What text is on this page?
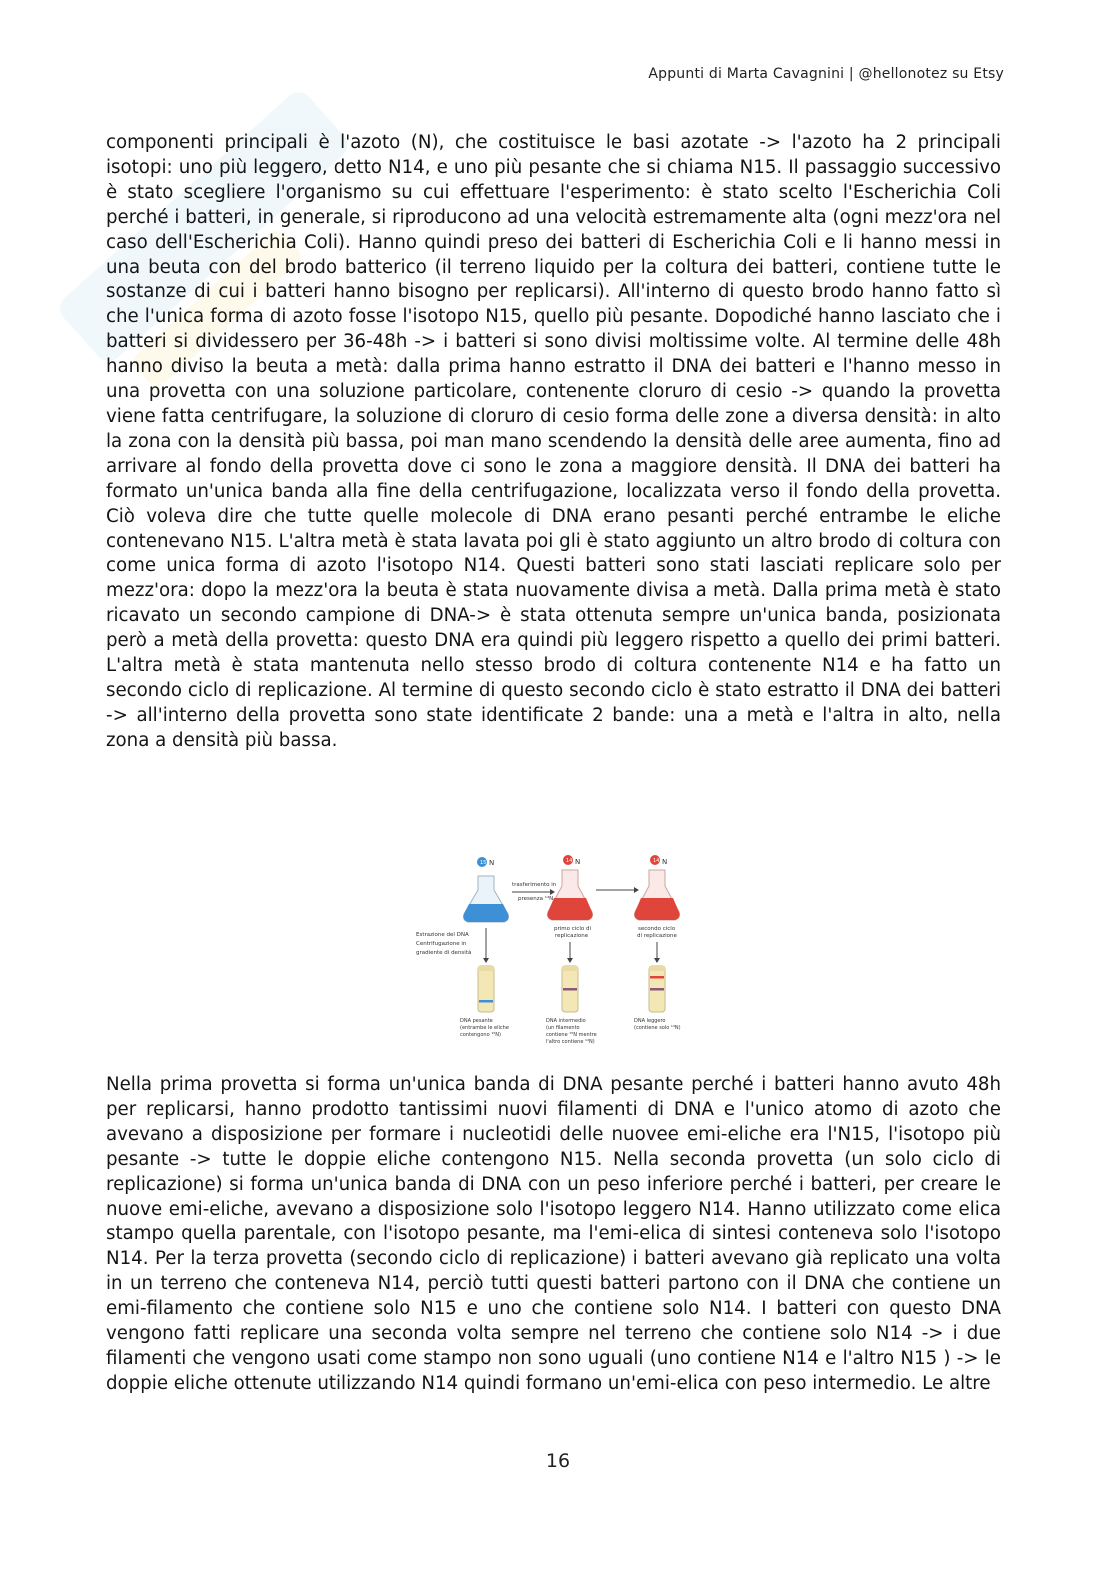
Appunti di Marta Cavagnini | @hellonotez su Etsy

componenti principali è l'azoto (N), che costituisce le basi azotate -> l'azoto ha 2 principali isotopi: uno più leggero, detto N14, e uno più pesante che si chiama N15. Il passaggio successivo è stato scegliere l'organismo su cui effettuare l'esperimento: è stato scelto l'Escherichia Coli perché i batteri, in generale, si riproducono ad una velocità estremamente alta (ogni mezz'ora nel caso dell'Escherichia Coli). Hanno quindi preso dei batteri di Escherichia Coli e li hanno messi in una beuta con del brodo batterico (il terreno liquido per la coltura dei batteri, contiene tutte le sostanze di cui i batteri hanno bisogno per replicarsi). All'interno di questo brodo hanno fatto sì che l'unica forma di azoto fosse l'isotopo N15, quello più pesante. Dopodiché hanno lasciato che i batteri si dividessero per 36-48h -> i batteri si sono divisi moltissime volte. Al termine delle 48h hanno diviso la beuta a metà: dalla prima hanno estratto il DNA dei batteri e l'hanno messo in una provetta con una soluzione particolare, contenente cloruro di cesio -> quando la provetta viene fatta centrifugare, la soluzione di cloruro di cesio forma delle zone a diversa densità: in alto la zona con la densità più bassa, poi man mano scendendo la densità delle aree aumenta, fino ad arrivare al fondo della provetta dove ci sono le zona a maggiore densità. Il DNA dei batteri ha formato un'unica banda alla fine della centrifugazione, localizzata verso il fondo della provetta. Ciò voleva dire che tutte quelle molecole di DNA erano pesanti perché entrambe le eliche contenevano N15. L'altra metà è stata lavata poi gli è stato aggiunto un altro brodo di coltura con come unica forma di azoto l'isotopo N14. Questi batteri sono stati lasciati replicare solo per mezz'ora: dopo la mezz'ora la beuta è stata nuovamente divisa a metà. Dalla prima metà è stato ricavato un secondo campione di DNA-> è stata ottenuta sempre un'unica banda, posizionata però a metà della provetta: questo DNA era quindi più leggero rispetto a quello dei primi batteri. L'altra metà è stata mantenuta nello stesso brodo di coltura contenente N14 e ha fatto un secondo ciclo di replicazione. Al termine di questo secondo ciclo è stato estratto il DNA dei batteri -> all'interno della provetta sono state identificate 2 bande: una a metà e l'altra in alto, nella zona a densità più bassa.

15 N
trasferimento in
presenza ¹⁴N
14 N
primo ciclo di
replicazione
14 N
secondo ciclo
di replicazione
Estrazione del DNA
Centrifugazione in
gradiente di densità
DNA pesante
(entrambe le eliche
contengono ¹⁵N)
DNA intermedio
(un filamento
contiene ¹⁵N mentre
l'altro contiene ¹⁴N)
DNA leggero
(contiene solo ¹⁴N)

Nella prima provetta si forma un'unica banda di DNA pesante perché i batteri hanno avuto 48h per replicarsi, hanno prodotto tantissimi nuovi filamenti di DNA e l'unico atomo di azoto che avevano a disposizione per formare i nucleotidi delle nuovee emi-eliche era l'N15, l'isotopo più pesante -> tutte le doppie eliche contengono N15. Nella seconda provetta (un solo ciclo di replicazione) si forma un'unica banda di DNA con un peso inferiore perché i batteri, per creare le nuove emi-eliche, avevano a disposizione solo l'isotopo leggero N14. Hanno utilizzato come elica stampo quella parentale, con l'isotopo pesante, ma l'emi-elica di sintesi conteneva solo l'isotopo N14. Per la terza provetta (secondo ciclo di replicazione) i batteri avevano già replicato una volta in un terreno che conteneva N14, perciò tutti questi batteri partono con il DNA che contiene un emi-filamento che contiene solo N15 e uno che contiene solo N14. I batteri con questo DNA vengono fatti replicare una seconda volta sempre nel terreno che contiene solo N14 -> i due filamenti che vengono usati come stampo non sono uguali (uno contiene N14 e l'altro N15 ) -> le doppie eliche ottenute utilizzando N14 quindi formano un'emi-elica con peso intermedio. Le altre

16
